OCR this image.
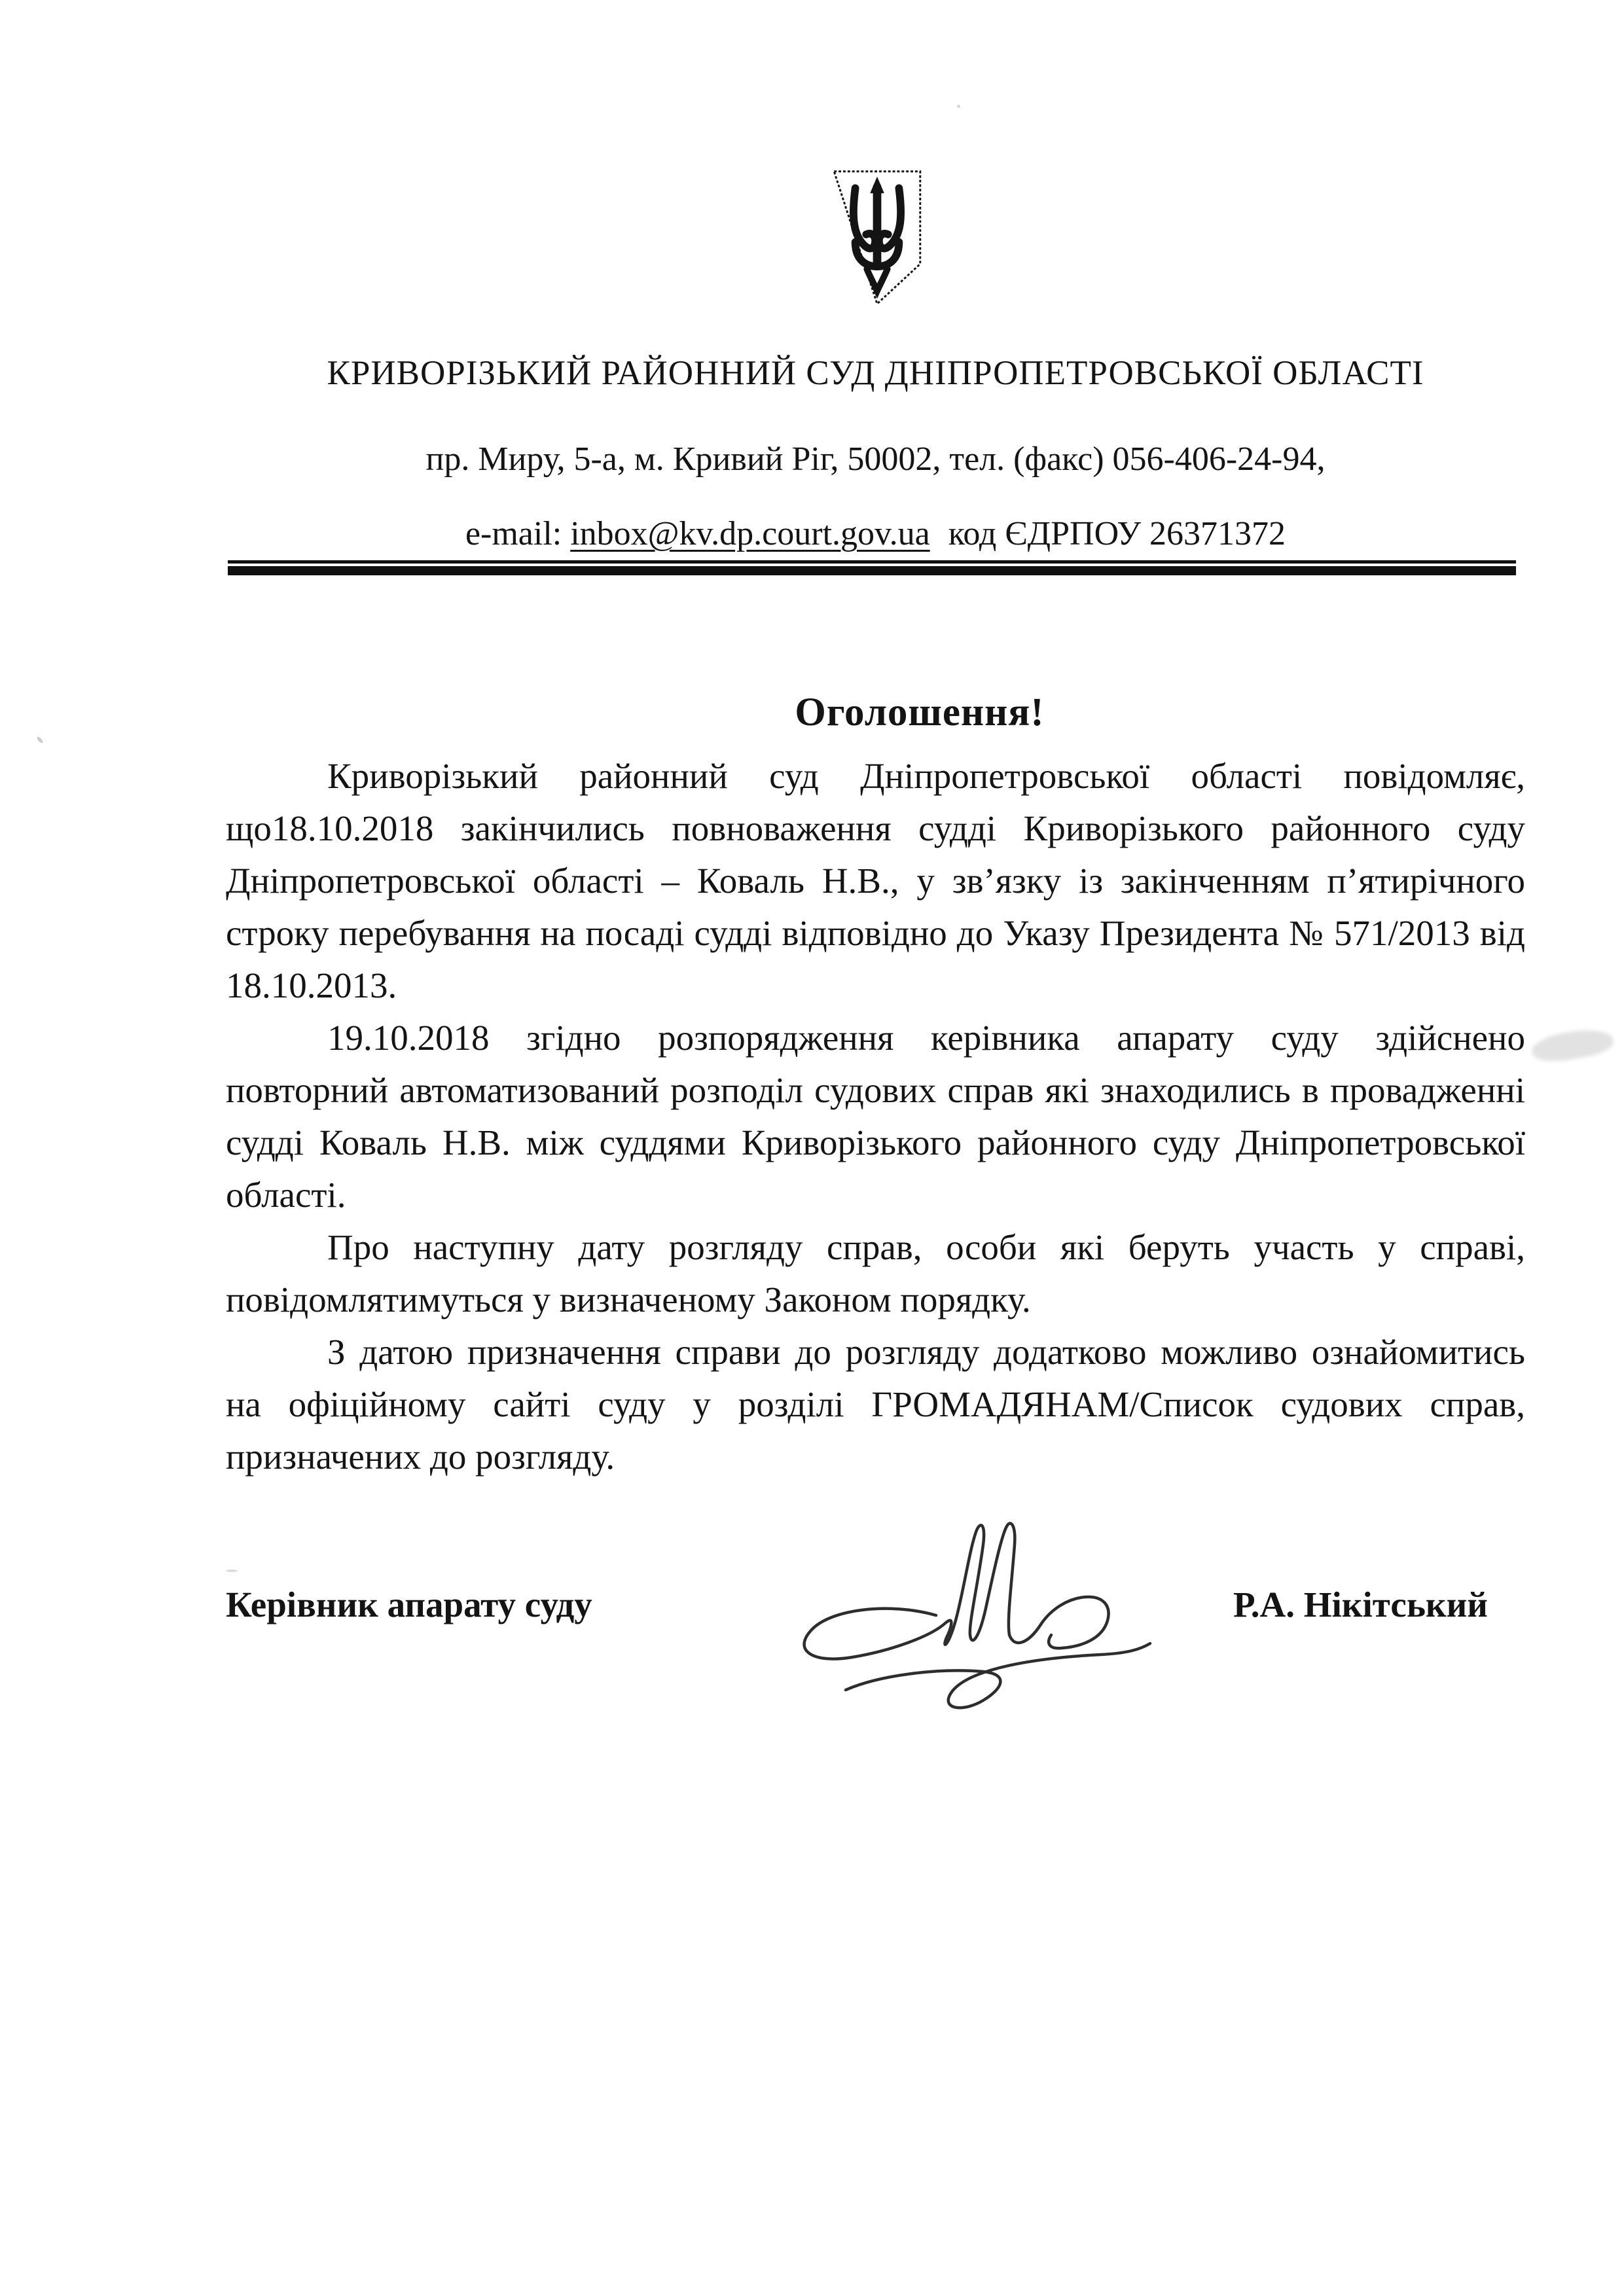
КРИВОРІЗЬКИЙ РАЙОННИЙ СУД ДНІПРОПЕТРОВСЬКОЇ ОБЛАСТІ
пр. Миру, 5-а, м. Кривий Ріг, 50002, тел. (факс) 056-406-24-94,
e-mail: inbox@kv.dp.court.gov.ua код ЄДРПОУ 26371372
Оголошення!

Криворізький районний суд Дніпропетровської області повідомляє, що18.10.2018 закінчились повноваження судді Криворізького районного суду Дніпропетровської області – Коваль Н.В., у зв’язку із закінченням п’ятирічного строку перебування на посаді судді відповідно до Указу Президента № 571/2013 від 18.10.2013.

19.10.2018 згідно розпорядження керівника апарату суду здійснено повторний автоматизований розподіл судових справ які знаходились в провадженні судді Коваль Н.В. між суддями Криворізького районного суду Дніпропетровської області.

Про наступну дату розгляду справ, особи які беруть участь у справі, повідомлятимуться у визначеному Законом порядку.

З датою призначення справи до розгляду додатково можливо ознайомитись на офіційному сайті суду у розділі ГРОМАДЯНАМ/Список судових справ, призначених до розгляду.

Керівник апарату суду	Р.А. Нікітський
